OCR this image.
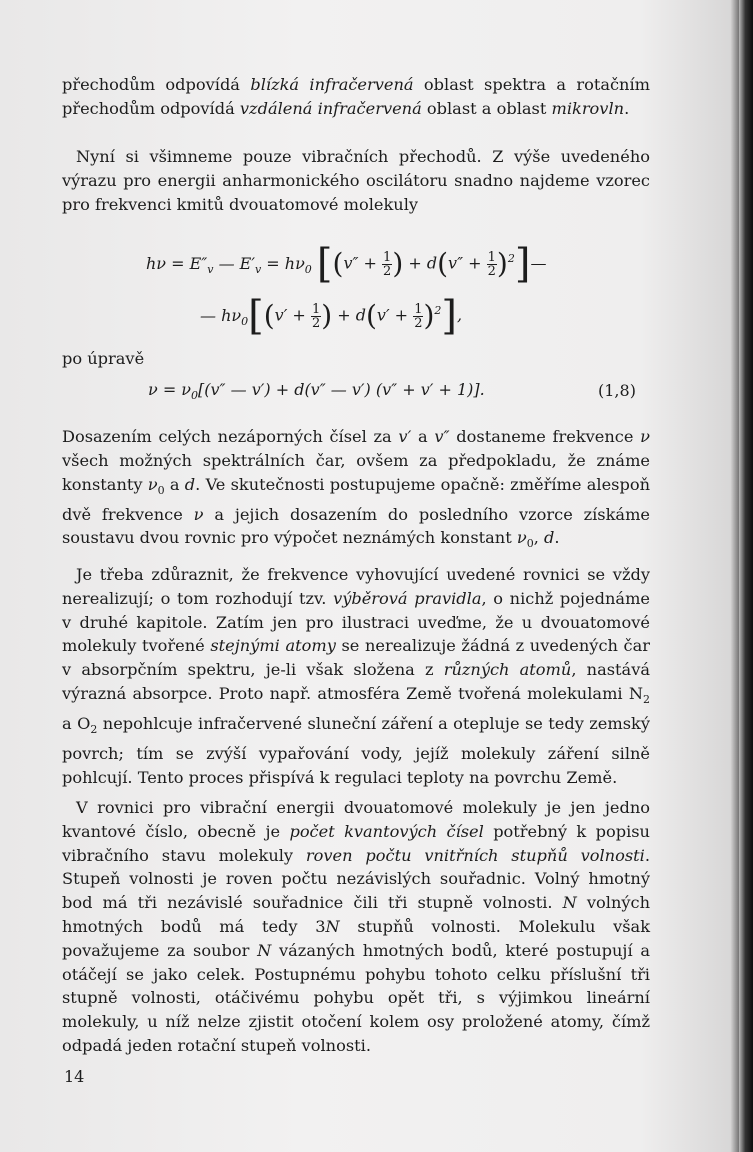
přechodům odpovídá blízká infračervená oblast spektra a rotačním přechodům odpovídá vzdálená infračervená oblast a oblast mikrovln.

Nyní si všimneme pouze vibračních přechodů. Z výše uvedeného výrazu pro energii anharmonického oscilátoru snadno najdeme vzorec pro frekvenci kmitů dvouatomové molekuly

$h\nu = E''_v$ — $E'_v = h\nu_0$ [($v'' + \frac{1}{2}$ ) + $d(v'' + \frac{1}{2}$ )$^2]—$
— $h\nu_0[(v' + \frac{1}{2}$ ) + $d(v' + \frac{1}{2} )^2$],

po úpravě

$\nu = \nu_0[(v''$ — v′) + d(v″ — v′) (v″ + v′ + 1)].	(1,8)

Dosazením celých nezáporných čísel za v′ a v″ dostaneme frekvence ν všech možných spektrálních čar, ovšem za předpokladu, že známe konstanty $\nu_0$ a d. Ve skutečnosti postupujeme opačně: změříme alespoň dvě frekvence ν a jejich dosazením do posledního vzorce získáme soustavu dvou rovnic pro výpočet neznámých konstant $\nu_0$, d.

Je třeba zdůraznit, že frekvence vyhovující uvedené rovnici se vždy nerealizují; o tom rozhodují tzv. výběrová pravidla, o nichž pojednáme v druhé kapitole. Zatím jen pro ilustraci uveďme, že u dvouatomové molekuly tvořené stejnými atomy se nerealizuje žádná z uvedených čar v absorpčním spektru, je-li však složena z různých atomů, nastává výrazná absorpce. Proto např. atmosféra Země tvořená molekulami $N_2$ a $O_2$ nepohlcuje infračervené sluneční záření a otepluje se tedy zemský povrch; tím se zvýší vypařování vody, jejíž molekuly záření silně pohlcují. Tento proces přispívá k regulaci teploty na povrchu Země.

V rovnici pro vibrační energii dvouatomové molekuly je jen jedno kvantové číslo, obecně je počet kvantových čísel potřebný k popisu vibračního stavu molekuly roven počtu vnitřních stupňů volnosti. Stupeň volnosti je roven počtu nezávislých souřadnic. Volný hmotný bod má tři nezávislé souřadnice čili tři stupně volnosti. N volných hmotných bodů má tedy 3N stupňů volnosti. Molekulu však považujeme za soubor N vázaných hmotných bodů, které postupují a otáčejí se jako celek. Postupnému pohybu tohoto celku příslušní tři stupně volnosti, otáčivému pohybu opět tři, s výjimkou lineární molekuly, u níž nelze zjistit otočení kolem osy proložené atomy, čímž odpadá jeden rotační stupeň volnosti.

14
